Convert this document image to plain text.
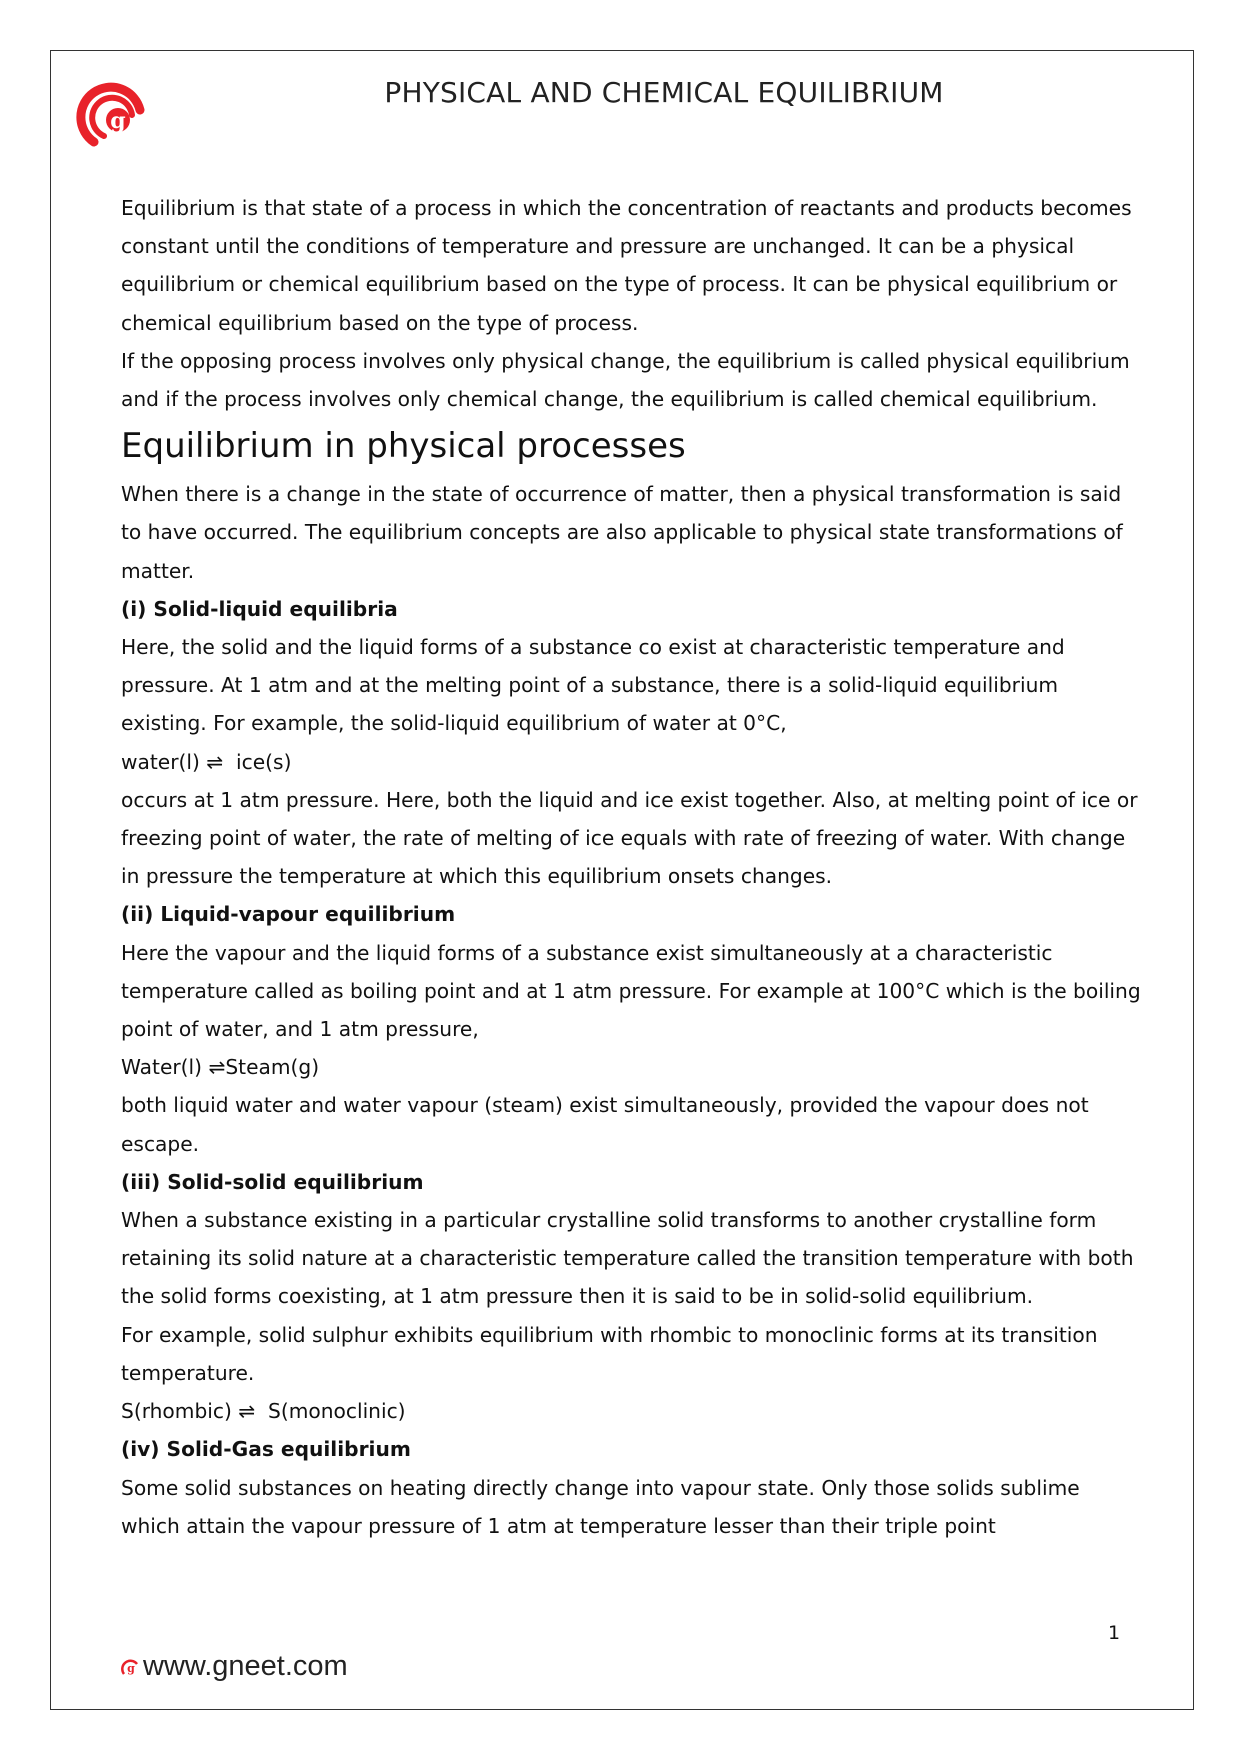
g
PHYSICAL AND CHEMICAL EQUILIBRIUM

Equilibrium is that state of a process in which the concentration of reactants and products becomes constant until the conditions of temperature and pressure are unchanged. It can be a physical equilibrium or chemical equilibrium based on the type of process. It can be physical equilibrium or chemical equilibrium based on the type of process.

If the opposing process involves only physical change, the equilibrium is called physical equilibrium and if the process involves only chemical change, the equilibrium is called chemical equilibrium.

Equilibrium in physical processes

When there is a change in the state of occurrence of matter, then a physical transformation is said to have occurred. The equilibrium concepts are also applicable to physical state transformations of matter.

(i) Solid-liquid equilibria

Here, the solid and the liquid forms of a substance co exist at characteristic temperature and pressure. At 1 atm and at the melting point of a substance, there is a solid-liquid equilibrium existing. For example, the solid-liquid equilibrium of water at 0°C,

water(l) ⇌  ice(s)

occurs at 1 atm pressure. Here, both the liquid and ice exist together. Also, at melting point of ice or freezing point of water, the rate of melting of ice equals with rate of freezing of water. With change in pressure the temperature at which this equilibrium onsets changes.

(ii) Liquid-vapour equilibrium

Here the vapour and the liquid forms of a substance exist simultaneously at a characteristic temperature called as boiling point and at 1 atm pressure. For example at 100°C which is the boiling point of water, and 1 atm pressure,

Water(l) ⇌Steam(g)

both liquid water and water vapour (steam) exist simultaneously, provided the vapour does not escape.

(iii) Solid-solid equilibrium

When a substance existing in a particular crystalline solid transforms to another crystalline form retaining its solid nature at a characteristic temperature called the transition temperature with both the solid forms coexisting, at 1 atm pressure then it is said to be in solid-solid equilibrium.

For example, solid sulphur exhibits equilibrium with rhombic to monoclinic forms at its transition temperature.

S(rhombic) ⇌  S(monoclinic)

(iv) Solid-Gas equilibrium

Some solid substances on heating directly change into vapour state. Only those solids sublime which attain the vapour pressure of 1 atm at temperature lesser than their triple point

1
g www.gneet.com
